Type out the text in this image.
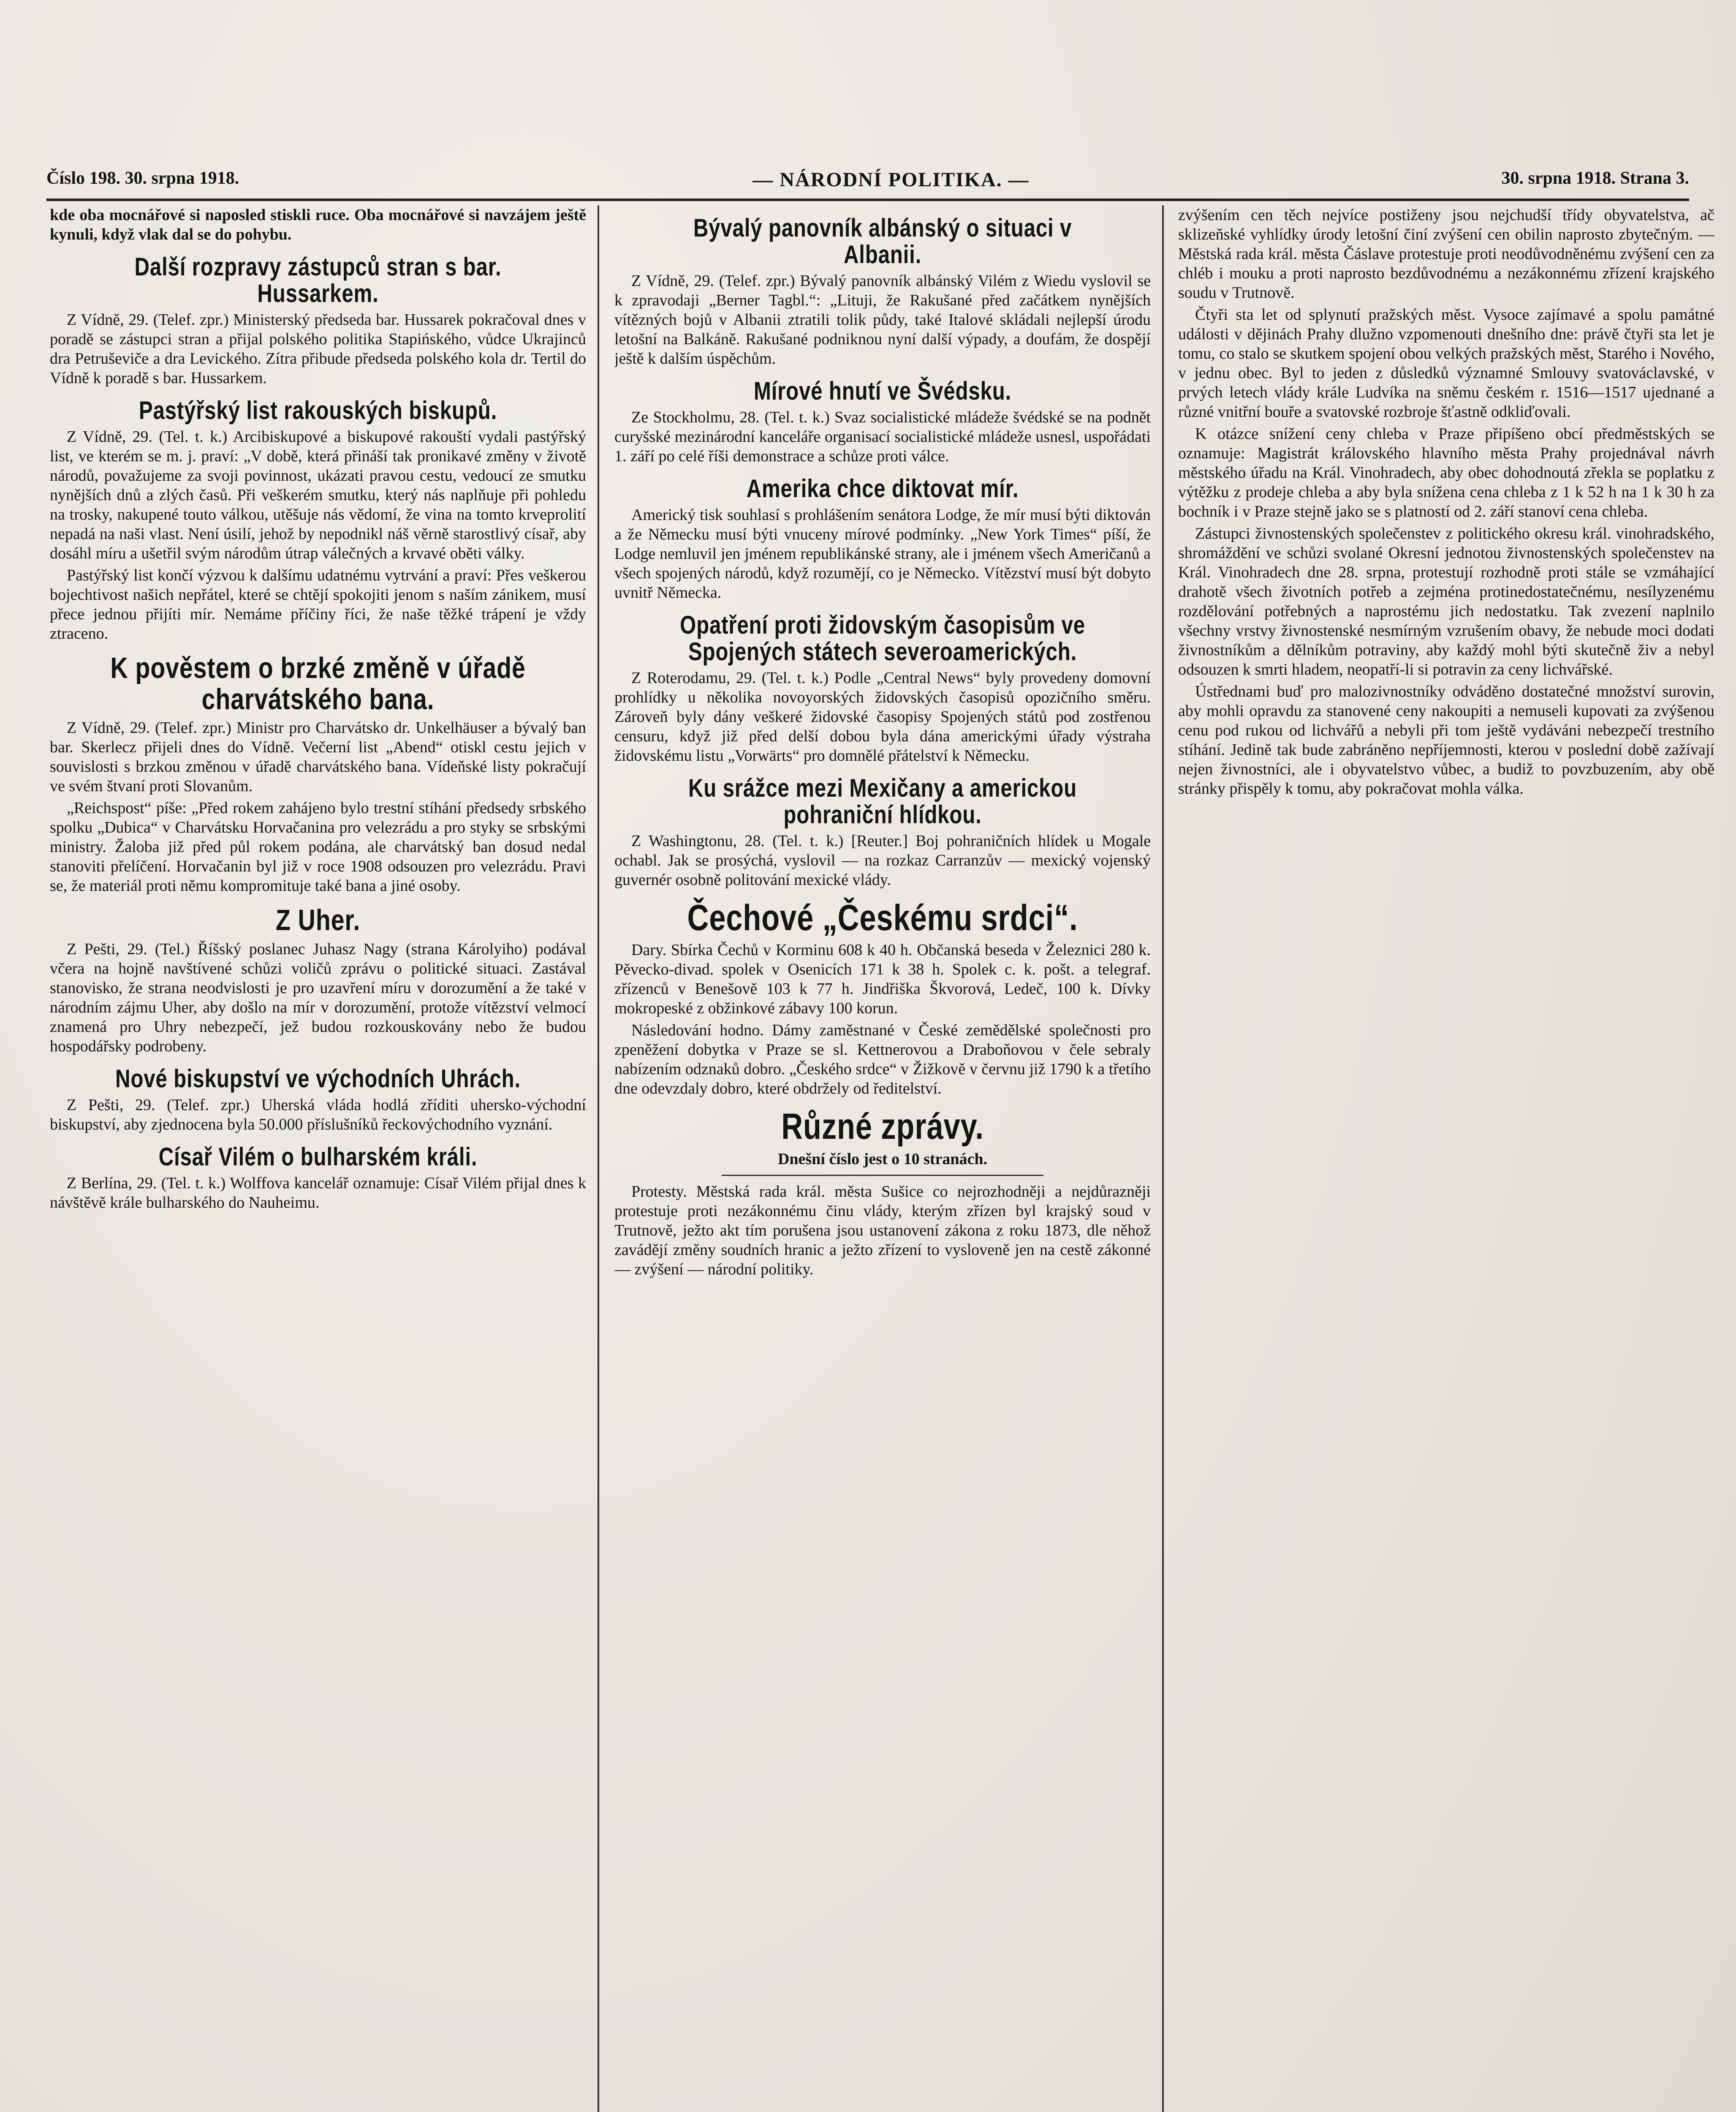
Číslo 198. 30. srpna 1918.	— NÁRODNÍ POLITIKA. —	30. srpna 1918. Strana 3.

kde oba mocnářové si naposled stiskli ruce. Oba mocnářové si navzájem ještě kynuli, když vlak dal se do pohybu.

Další rozpravy zástupců stran s bar. Hussarkem.

Z Vídně, 29. (Telef. zpr.) Ministerský předseda bar. Hussarek pokračoval dnes v poradě se zástupci stran a přijal polského politika Stapińského, vůdce Ukrajinců dra Petruševiče a dra Levického. Zítra přibude předseda polského kola dr. Tertil do Vídně k poradě s bar. Hussarkem.

Pastýřský list rakouských biskupů.

Z Vídně, 29. (Tel. t. k.) Arcibiskupové a biskupové rakouští vydali pastýřský list, ve kterém se m. j. praví: „V době, která přináší tak pronikavé změny v životě národů, považujeme za svoji povinnost, ukázati pravou cestu, vedoucí ze smutku nynějších dnů a zlých časů. Při veškerém smutku, který nás naplňuje při pohledu na trosky, nakupené touto válkou, utěšuje nás vědomí, že vina na tomto krveprolití nepadá na naši vlast. Není úsilí, jehož by nepodnikl náš věrně starostlivý císař, aby dosáhl míru a ušetřil svým národům útrap válečných a krvavé oběti války.

Pastýřský list končí výzvou k dalšímu udatnému vytrvání a praví: Přes veškerou bojechtivost našich nepřátel, které se chtějí spokojiti jenom s naším zánikem, musí přece jednou přijíti mír. Nemáme příčiny říci, že naše těžké trápení je vždy ztraceno.

K pověstem o brzké změně v úřadě charvátského bana.

Z Vídně, 29. (Telef. zpr.) Ministr pro Charvátsko dr. Unkelhäuser a bývalý ban bar. Skerlecz přijeli dnes do Vídně. Večerní list „Abend“ otiskl cestu jejich v souvislosti s brzkou změnou v úřadě charvátského bana. Vídeňské listy pokračují ve svém štvaní proti Slovanům.

„Reichspost“ píše: „Před rokem zahájeno bylo trestní stíhání předsedy srbského spolku „Dubica“ v Charvátsku Horvačanina pro velezrádu a pro styky se srbskými ministry. Žaloba již před půl rokem podána, ale charvátský ban dosud nedal stanoviti přelíčení. Horvačanin byl již v roce 1908 odsouzen pro velezrádu. Pravi se, že materiál proti němu kompromituje také bana a jiné osoby.

Z Uher.

Z Pešti, 29. (Tel.) Říšský poslanec Juhasz Nagy (strana Károlyiho) podával včera na hojně navštívené schůzi voličů zprávu o politické situaci. Zastával stanovisko, že strana neodvislosti je pro uzavření míru v dorozumění a že také v národním zájmu Uher, aby došlo na mír v dorozumění, protože vítězství velmocí znamená pro Uhry nebezpečí, jež budou rozkouskovány nebo že budou hospodářsky podrobeny.

Nové biskupství ve východních Uhrách.

Z Pešti, 29. (Telef. zpr.) Uherská vláda hodlá zříditi uhersko-východní biskupství, aby zjednocena byla 50.000 příslušníků řeckovýchodního vyznání.

Císař Vilém o bulharském králi.

Z Berlína, 29. (Tel. t. k.) Wolffova kancelář oznamuje: Císař Vilém přijal dnes k návštěvě krále bulharského do Nauheimu.

Bývalý panovník albánský o situaci v Albanii.

Z Vídně, 29. (Telef. zpr.) Bývalý panovník albánský Vilém z Wiedu vyslovil se k zpravodaji „Berner Tagbl.“: „Lituji, že Rakušané před začátkem nynějších vítězných bojů v Albanii ztratili tolik půdy, také Italové skládali nejlepší úrodu letošní na Balkáně. Rakušané podniknou nyní další výpady, a doufám, že dospějí ještě k dalším úspěchům.

Mírové hnutí ve Švédsku.

Ze Stockholmu, 28. (Tel. t. k.) Svaz socialistické mládeže švédské se na podnět curyšské mezinárodní kanceláře organisací socialistické mládeže usnesl, uspořádati 1. září po celé říši demonstrace a schůze proti válce.

Amerika chce diktovat mír.

Americký tisk souhlasí s prohlášením senátora Lodge, že mír musí býti diktován a že Německu musí býti vnuceny mírové podmínky. „New York Times“ píší, že Lodge nemluvil jen jménem republikánské strany, ale i jménem všech Američanů a všech spojených národů, když rozumějí, co je Německo. Vítězství musí být dobyto uvnitř Německa.

Opatření proti židovským časopisům ve Spojených státech severoamerických.

Z Roterodamu, 29. (Tel. t. k.) Podle „Central News“ byly provedeny domovní prohlídky u několika novoyorských židovských časopisů opozičního směru. Zároveň byly dány veškeré židovské časopisy Spojených států pod zostřenou censuru, když již před delší dobou byla dána americkými úřady výstraha židovskému listu „Vorwärts“ pro domnělé přátelství k Německu.

Ku srážce mezi Mexičany a americkou pohraniční hlídkou.

Z Washingtonu, 28. (Tel. t. k.) [Reuter.] Boj pohraničních hlídek u Mogale ochabl. Jak se prosýchá, vyslovil — na rozkaz Carranzův — mexický vojenský guvernér osobně politování mexické vlády.

Čechové „Českému srdci“.

Dary. Sbírka Čechů v Korminu 608 k 40 h. Občanská beseda v Železnici 280 k. Pěvecko-divad. spolek v Osenicích 171 k 38 h. Spolek c. k. pošt. a telegraf. zřízenců v Benešově 103 k 77 h. Jindřiška Škvorová, Ledeč, 100 k. Dívky mokropeské z obžinkové zábavy 100 korun.

Následování hodno. Dámy zaměstnané v České zemědělské společnosti pro zpeněžení dobytka v Praze se sl. Kettnerovou a Draboňovou v čele sebraly nabízením odznaků dobro. „Českého srdce“ v Žižkově v červnu již 1790 k a třetího dne odevzdaly dobro, které obdržely od ředitelství.

Různé zprávy.

Dnešní číslo jest o 10 stranách.

Protesty. Městská rada král. města Sušice co nejrozhodněji a nejdůrazněji protestuje proti nezákonnému činu vlády, kterým zřízen byl krajský soud v Trutnově, ježto akt tím porušena jsou ustanovení zákona z roku 1873, dle něhož zavádějí změny soudních hranic a ježto zřízení to vysloveně jen na cestě zákonné — zvýšení — národní politiky.

zvýšením cen těch nejvíce postiženy jsou nejchudší třídy obyvatelstva, ač sklizeňské vyhlídky úrody letošní činí zvýšení cen obilin naprosto zbytečným. — Městská rada král. města Čáslave protestuje proti neodůvodněnému zvýšení cen za chléb i mouku a proti naprosto bezdůvodnému a nezákonnému zřízení krajského soudu v Trutnově.

Čtyři sta let od splynutí pražských měst. Vysoce zajímavé a spolu památné události v dějinách Prahy dlužno vzpomenouti dnešního dne: právě čtyři sta let je tomu, co stalo se skutkem spojení obou velkých pražských měst, Starého i Nového, v jednu obec. Byl to jeden z důsledků významné Smlouvy svatováclavské, v prvých letech vlády krále Ludvíka na sněmu českém r. 1516—1517 ujednané a různé vnitřní bouře a svatovské rozbroje šťastně odkliďovali.

K otázce snížení ceny chleba v Praze připíšeno obcí předměstských se oznamuje: Magistrát královského hlavního města Prahy projednával návrh městského úřadu na Král. Vinohradech, aby obec dohodnoutá zřekla se poplatku z výtěžku z prodeje chleba a aby byla snížena cena chleba z 1 k 52 h na 1 k 30 h za bochník i v Praze stejně jako se s platností od 2. září stanoví cena chleba.

Zástupci živnostenských společenstev z politického okresu král. vinohradského, shromáždění ve schůzi svolané Okresní jednotou živnostenských společenstev na Král. Vinohradech dne 28. srpna, protestují rozhodně proti stále se vzmáhající drahotě všech životních potřeb a zejména protinedostatečnému, nesílyzenému rozdělování potřebných a naprostému jich nedostatku. Tak zvezení naplnilo všechny vrstvy živnostenské nesmírným vzrušením obavy, že nebude moci dodati živnostníkům a dělníkům potraviny, aby každý mohl býti skutečně živ a nebyl odsouzen k smrti hladem, neopatří-li si potravin za ceny lichvářské.

Ústřednami buď pro malozivnostníky odváděno dostatečné množství surovin, aby mohli opravdu za stanovené ceny nakoupiti a nemuseli kupovati za zvýšenou cenu pod rukou od lichvářů a nebyli při tom ještě vydáváni nebezpečí trestního stíhání. Jedině tak bude zabráněno nepříjemnosti, kterou v poslední době zažívají nejen živnostníci, ale i obyvatelstvo vůbec, a budiž to povzbuzením, aby obě stránky přispěly k tomu, aby pokračovat mohla válka.
